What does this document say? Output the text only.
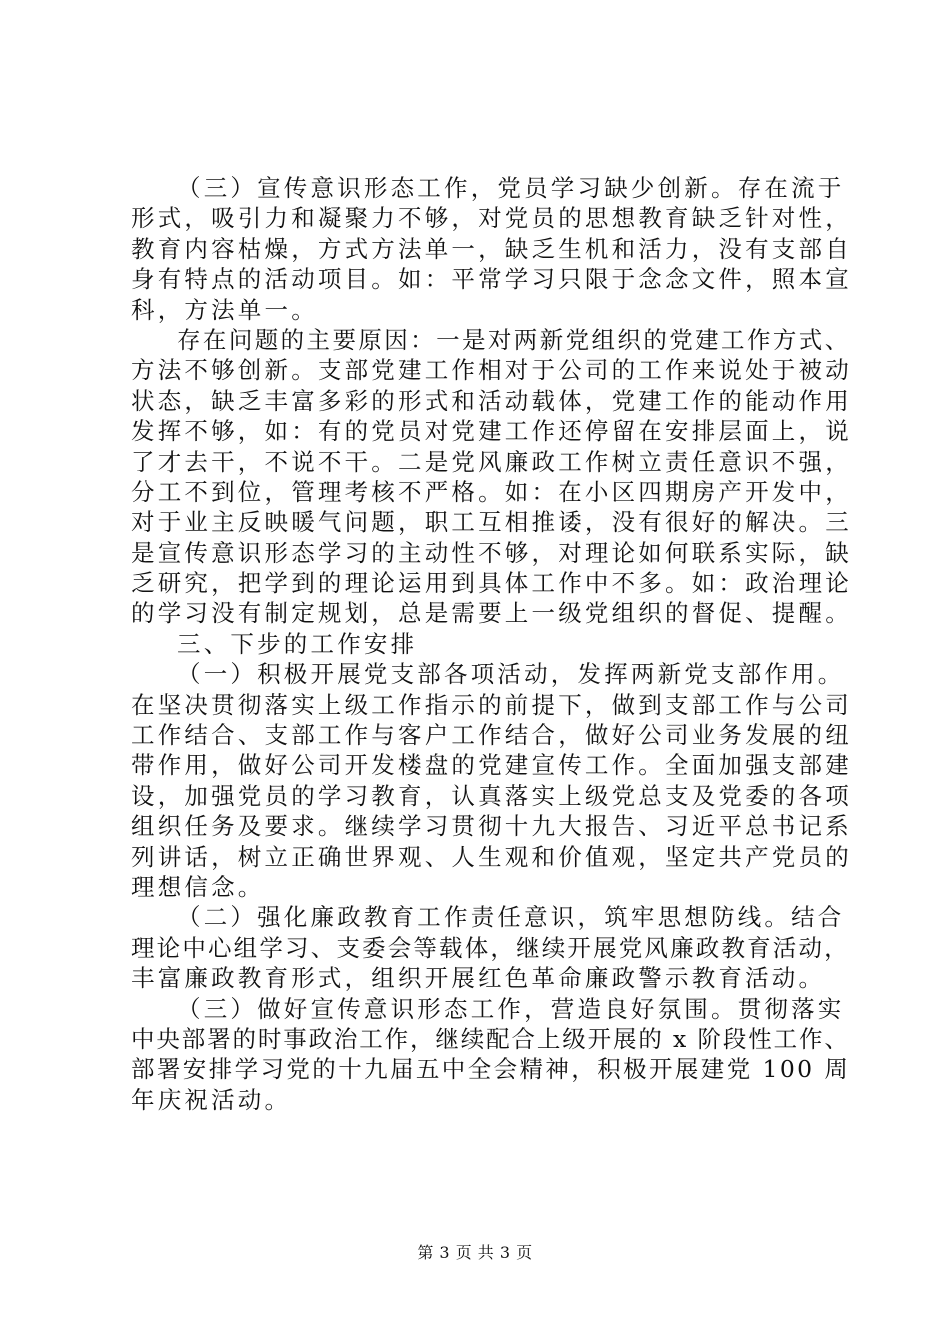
（三）宣传意识形态工作，党员学习缺少创新。存在流于
形式，吸引力和凝聚力不够，对党员的思想教育缺乏针对性，
教育内容枯燥，方式方法单一，缺乏生机和活力，没有支部自
身有特点的活动项目。如：平常学习只限于念念文件，照本宣
科，方法单一。
存在问题的主要原因：一是对两新党组织的党建工作方式、
方法不够创新。支部党建工作相对于公司的工作来说处于被动
状态，缺乏丰富多彩的形式和活动载体，党建工作的能动作用
发挥不够，如：有的党员对党建工作还停留在安排层面上，说
了才去干，不说不干。二是党风廉政工作树立责任意识不强，
分工不到位，管理考核不严格。如：在小区四期房产开发中，
对于业主反映暖气问题，职工互相推诿，没有很好的解决。三
是宣传意识形态学习的主动性不够，对理论如何联系实际，缺
乏研究，把学到的理论运用到具体工作中不多。如：政治理论
的学习没有制定规划，总是需要上一级党组织的督促、提醒。
三、下步的工作安排
（一）积极开展党支部各项活动，发挥两新党支部作用。
在坚决贯彻落实上级工作指示的前提下，做到支部工作与公司
工作结合、支部工作与客户工作结合，做好公司业务发展的纽
带作用，做好公司开发楼盘的党建宣传工作。全面加强支部建
设，加强党员的学习教育，认真落实上级党总支及党委的各项
组织任务及要求。继续学习贯彻十九大报告、习近平总书记系
列讲话，树立正确世界观、人生观和价值观，坚定共产党员的
理想信念。
（二）强化廉政教育工作责任意识，筑牢思想防线。结合
理论中心组学习、支委会等载体，继续开展党风廉政教育活动，
丰富廉政教育形式，组织开展红色革命廉政警示教育活动。
（三）做好宣传意识形态工作，营造良好氛围。贯彻落实
中央部署的时事政治工作，继续配合上级开展的 x 阶段性工作、
部署安排学习党的十九届五中全会精神，积极开展建党 100 周
年庆祝活动。
第 3 页 共 3 页
